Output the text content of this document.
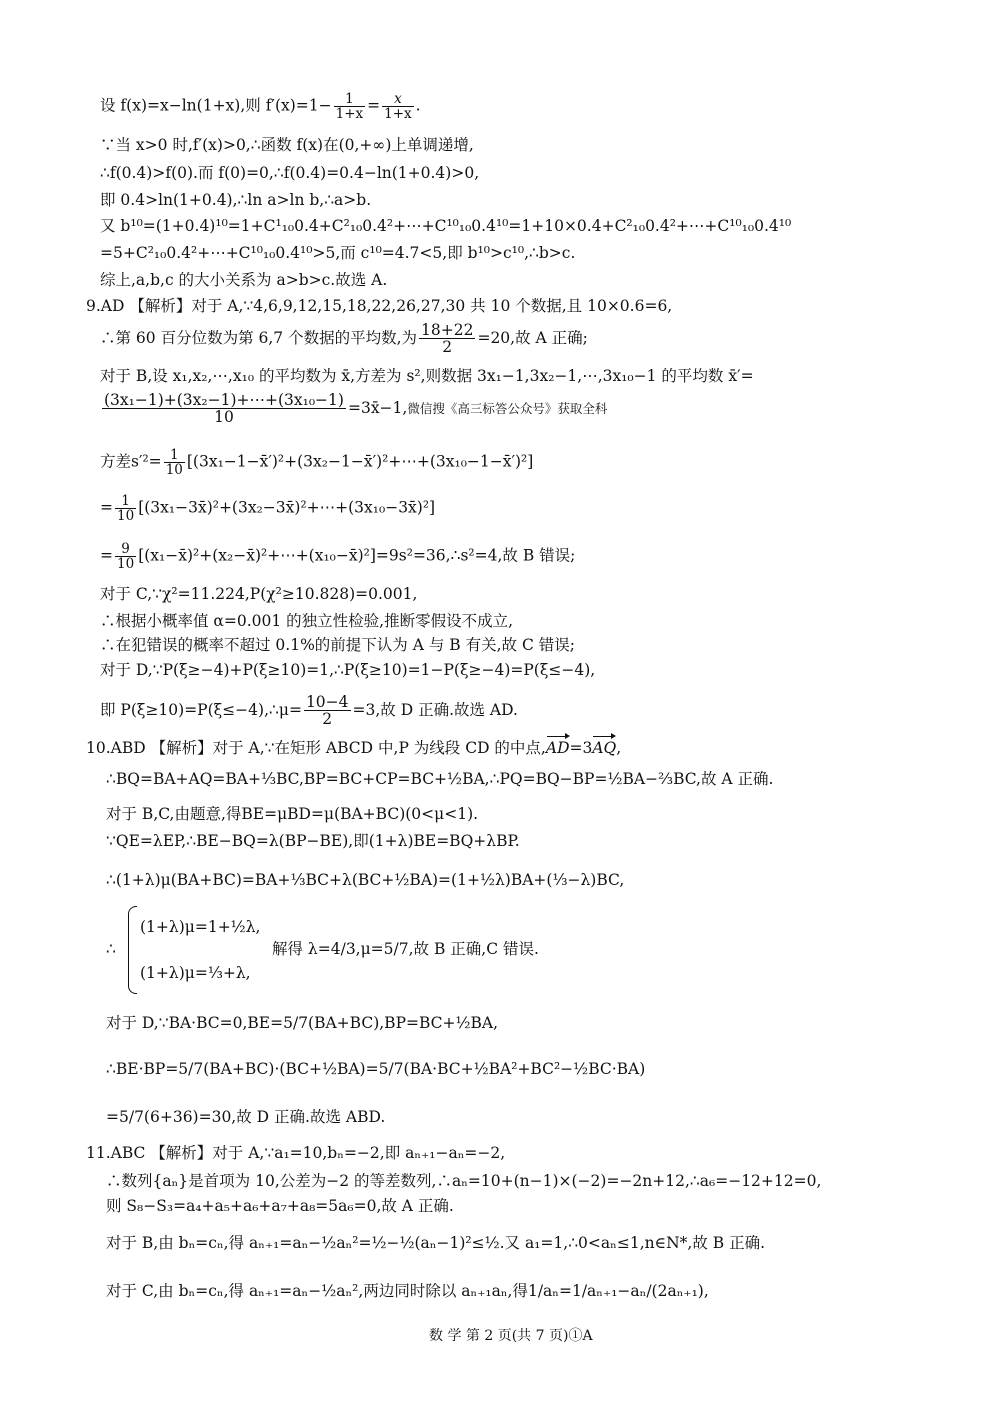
设 f(x)=x−ln(1+x),则 $f'(x)=1- \frac{1}{1+x} = \frac{x}{1+x}$ .
∵当 x>0 时,f′(x)>0,∴函数 f(x)在(0,+∞)上单调递增,
∴f(0.4)>f(0).而 f(0)=0,∴f(0.4)=0.4−ln(1+0.4)>0,
即 0.4>ln(1+0.4),∴ln a>ln b,∴a>b.
又 b¹⁰=(1+0.4)¹⁰=1+C¹₁₀0.4+C²₁₀0.4²+⋯+C¹⁰₁₀0.4¹⁰=1+10×0.4+C²₁₀0.4²+⋯+C¹⁰₁₀0.4¹⁰
=5+C²₁₀0.4²+⋯+C¹⁰₁₀0.4¹⁰>5,而 c¹⁰=4.7<5,即 b¹⁰>c¹⁰,∴b>c.
综上,a,b,c 的大小关系为 a>b>c.故选 A.
9.AD 【解析】对于 A,∵4,6,9,12,15,18,22,26,27,30 共 10 个数据,且 10×0.6=6,
∴第 60 百分位数为第 6,7 个数据的平均数,为 $\frac{18+22}{2} =20$,故 A 正确;
对于 B,设 x₁,x₂,⋯,x₁₀ 的平均数为 x̄,方差为 s²,则数据 3x₁−1,3x₂−1,⋯,3x₁₀−1 的平均数 x̄′=
$\frac{\text{(3x₁−1)+(3x₂−1)+⋯+(3x₁₀−1)}}{10}$ =3x̄−1,微信搜《高三标答公众号》获取全科
方差$s'^2= \frac{1}{10}$ [(3x₁−1−x̄′)²+(3x₂−1−x̄′)²+⋯+(3x₁₀−1−x̄′)²]
= $\frac{1}{10}$ [(3x₁−3x̄)²+(3x₂−3x̄)²+⋯+(3x₁₀−3x̄)²]
= $\frac{9}{10}$ [(x₁−x̄)²+(x₂−x̄)²+⋯+(x₁₀−x̄)²]=9s²=36,∴s²=4,故 B 错误;
对于 C,∵χ²=11.224,P(χ²≥10.828)=0.001,
∴根据小概率值 α=0.001 的独立性检验,推断零假设不成立,
∴在犯错误的概率不超过 0.1%的前提下认为 A 与 B 有关,故 C 错误;
对于 D,∵P(ξ≥−4)+P(ξ≥10)=1,∴P(ξ≥10)=1−P(ξ≥−4)=P(ξ≤−4),
即 P(ξ≥10)=P(ξ≤−4),∴μ= $\frac{10-4}{2} =3$,故 D 正确.故选 AD.
10.ABD 【解析】对于 A,∵在矩形 ABCD 中,P 为线段 CD 的中点,AD=3AQ,
∴BQ=BA+AQ=BA+⅓BC,BP=BC+CP=BC+½BA,∴PQ=BQ−BP=½BA−⅔BC,故 A 正确.
对于 B,C,由题意,得BE=μBD=μ(BA+BC)(0<μ<1).
∵QE=λEP,∴BE−BQ=λ(BP−BE),即(1+λ)BE=BQ+λBP.
∴(1+λ)μ(BA+BC)=BA+⅓BC+λ(BC+½BA)=(1+½λ)BA+(⅓−λ)BC,
∴
(1+λ)μ=1+½λ,
(1+λ)μ=⅓+λ,
解得 λ=4/3,μ=5/7,故 B 正确,C 错误.
对于 D,∵BA·BC=0,BE=5/7(BA+BC),BP=BC+½BA,
∴BE·BP=5/7(BA+BC)·(BC+½BA)=5/7(BA·BC+½BA²+BC²−½BC·BA)
=5/7(6+36)=30,故 D 正确.故选 ABD.
11.ABC 【解析】对于 A,∵a₁=10,bₙ=−2,即 aₙ₊₁−aₙ=−2,
∴数列{aₙ}是首项为 10,公差为−2 的等差数列,∴aₙ=10+(n−1)×(−2)=−2n+12,∴a₆=−12+12=0,
则 S₈−S₃=a₄+a₅+a₆+a₇+a₈=5a₆=0,故 A 正确.
对于 B,由 bₙ=cₙ,得 aₙ₊₁=aₙ−½aₙ²=½−½(aₙ−1)²≤½.又 a₁=1,∴0<aₙ≤1,n∈N*,故 B 正确.
对于 C,由 bₙ=cₙ,得 aₙ₊₁=aₙ−½aₙ²,两边同时除以 aₙ₊₁aₙ,得1/aₙ=1/aₙ₊₁−aₙ/(2aₙ₊₁),
数 学 第 2 页(共 7 页)①A
